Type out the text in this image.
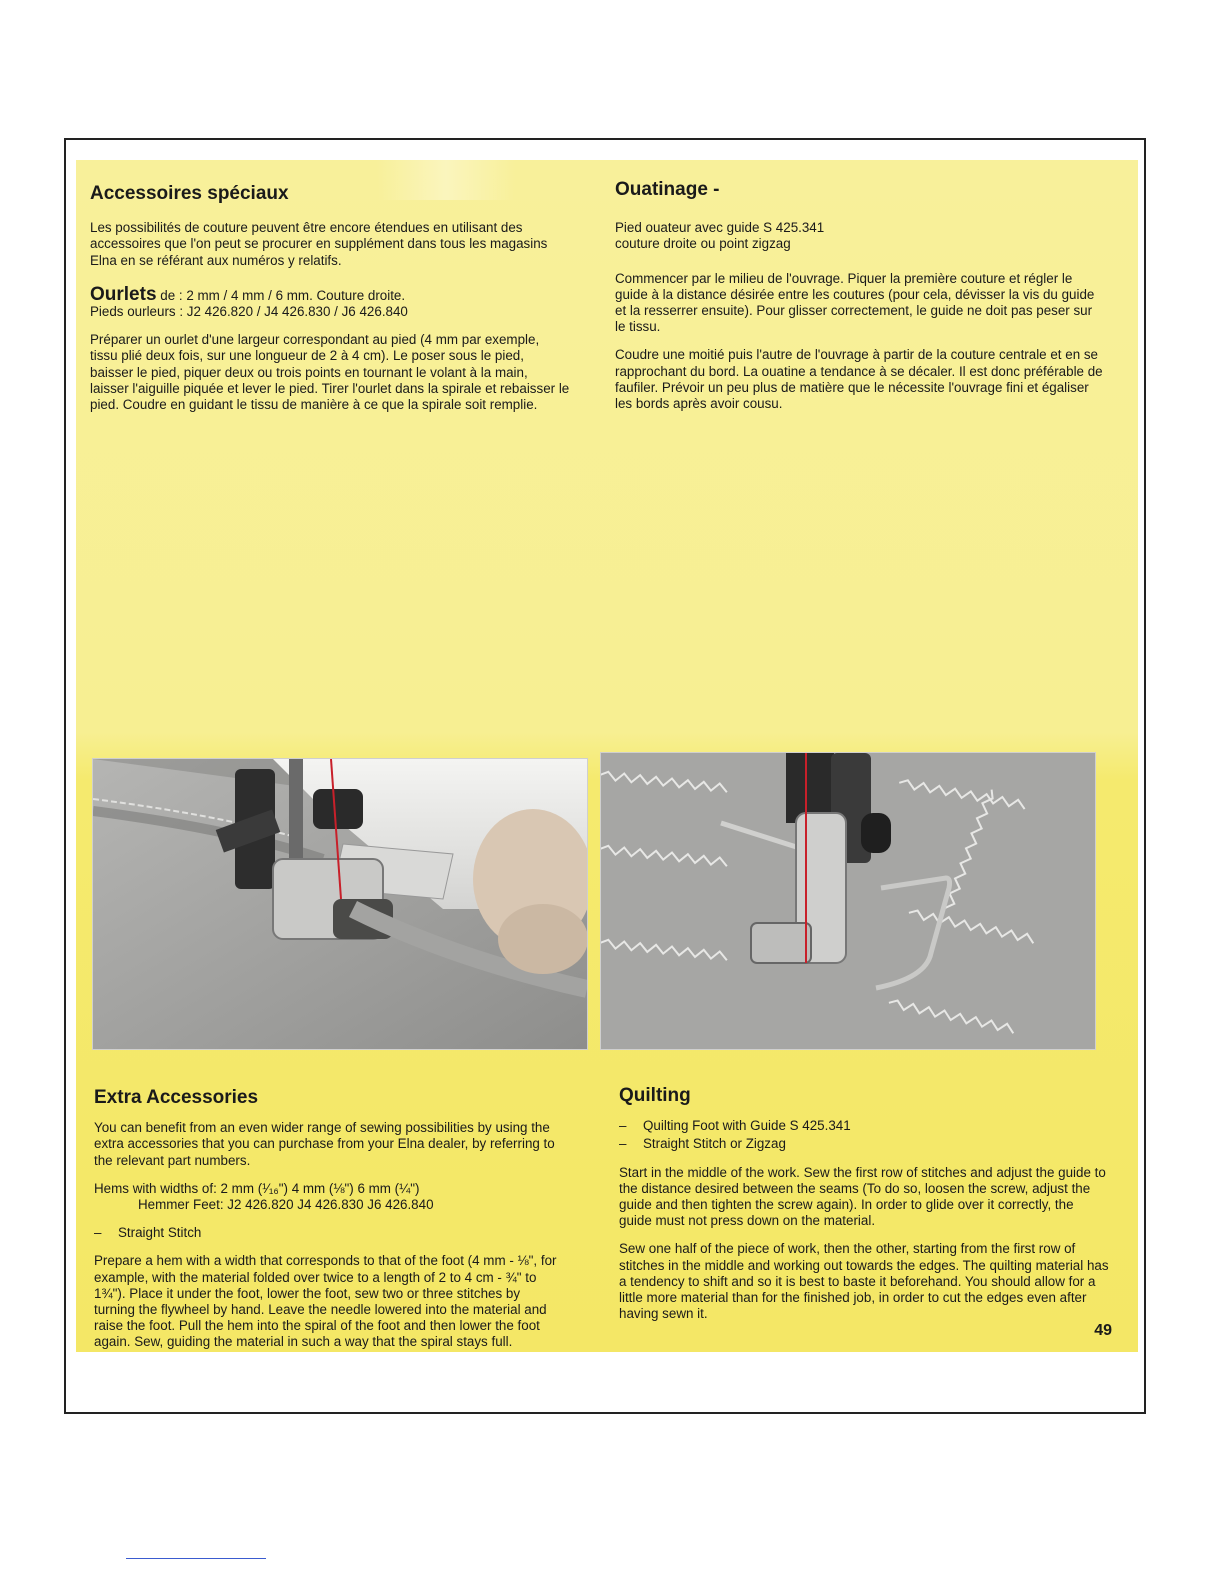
Accessoires spéciaux

Les possibilités de couture peuvent être encore étendues en utilisant des accessoires que l'on peut se procurer en supplément dans tous les magasins Elna en se référant aux numéros y relatifs.

Ourlets de : 2 mm / 4 mm / 6 mm. Couture droite.

Pieds ourleurs : J2 426.820 / J4 426.830 / J6 426.840

Préparer un ourlet d'une largeur correspondant au pied (4 mm par exemple, tissu plié deux fois, sur une longueur de 2 à 4 cm). Le poser sous le pied, baisser le pied, piquer deux ou trois points en tournant le volant à la main, laisser l'aiguille piquée et lever le pied. Tirer l'ourlet dans la spirale et rebaisser le pied. Coudre en guidant le tissu de manière à ce que la spirale soit remplie.

Ouatinage -
Pied ouateur avec guide S 425.341

couture droite ou point zigzag

Commencer par le milieu de l'ouvrage. Piquer la première couture et régler le guide à la distance désirée entre les coutures (pour cela, dévisser la vis du guide et la resserrer ensuite). Pour glisser correctement, le guide ne doit pas peser sur le tissu.

Coudre une moitié puis l'autre de l'ouvrage à partir de la couture centrale et en se rapprochant du bord. La ouatine a tendance à se décaler. Il est donc préférable de faufiler. Prévoir un peu plus de matière que le nécessite l'ouvrage fini et égaliser les bords après avoir cousu.

Extra Accessories

You can benefit from an even wider range of sewing possibilities by using the extra accessories that you can purchase from your Elna dealer, by referring to the relevant part numbers.

Hems with widths of: 2 mm (¹⁄₁₆") 4 mm (⅛") 6 mm (¼")

Hemmer Feet: J2 426.820 J4 426.830 J6 426.840

– Straight Stitch

Prepare a hem with a width that corresponds to that of the foot (4 mm - ⅛", for example, with the material folded over twice to a length of 2 to 4 cm - ¾" to 1¾"). Place it under the foot, lower the foot, sew two or three stitches by turning the flywheel by hand. Leave the needle lowered into the material and raise the foot. Pull the hem into the spiral of the foot and then lower the foot again. Sew, guiding the material in such a way that the spiral stays full.

Quilting
– Quilting Foot with Guide S 425.341

– Straight Stitch or Zigzag

Start in the middle of the work. Sew the first row of stitches and adjust the guide to the distance desired between the seams (To do so, loosen the screw, adjust the guide and then tighten the screw again). In order to glide over it correctly, the guide must not press down on the material.

Sew one half of the piece of work, then the other, starting from the first row of stitches in the middle and working out towards the edges. The quilting material has a tendency to shift and so it is best to baste it beforehand. You should allow for a little more material than for the finished job, in order to cut the edges even after having sewn it.

49
